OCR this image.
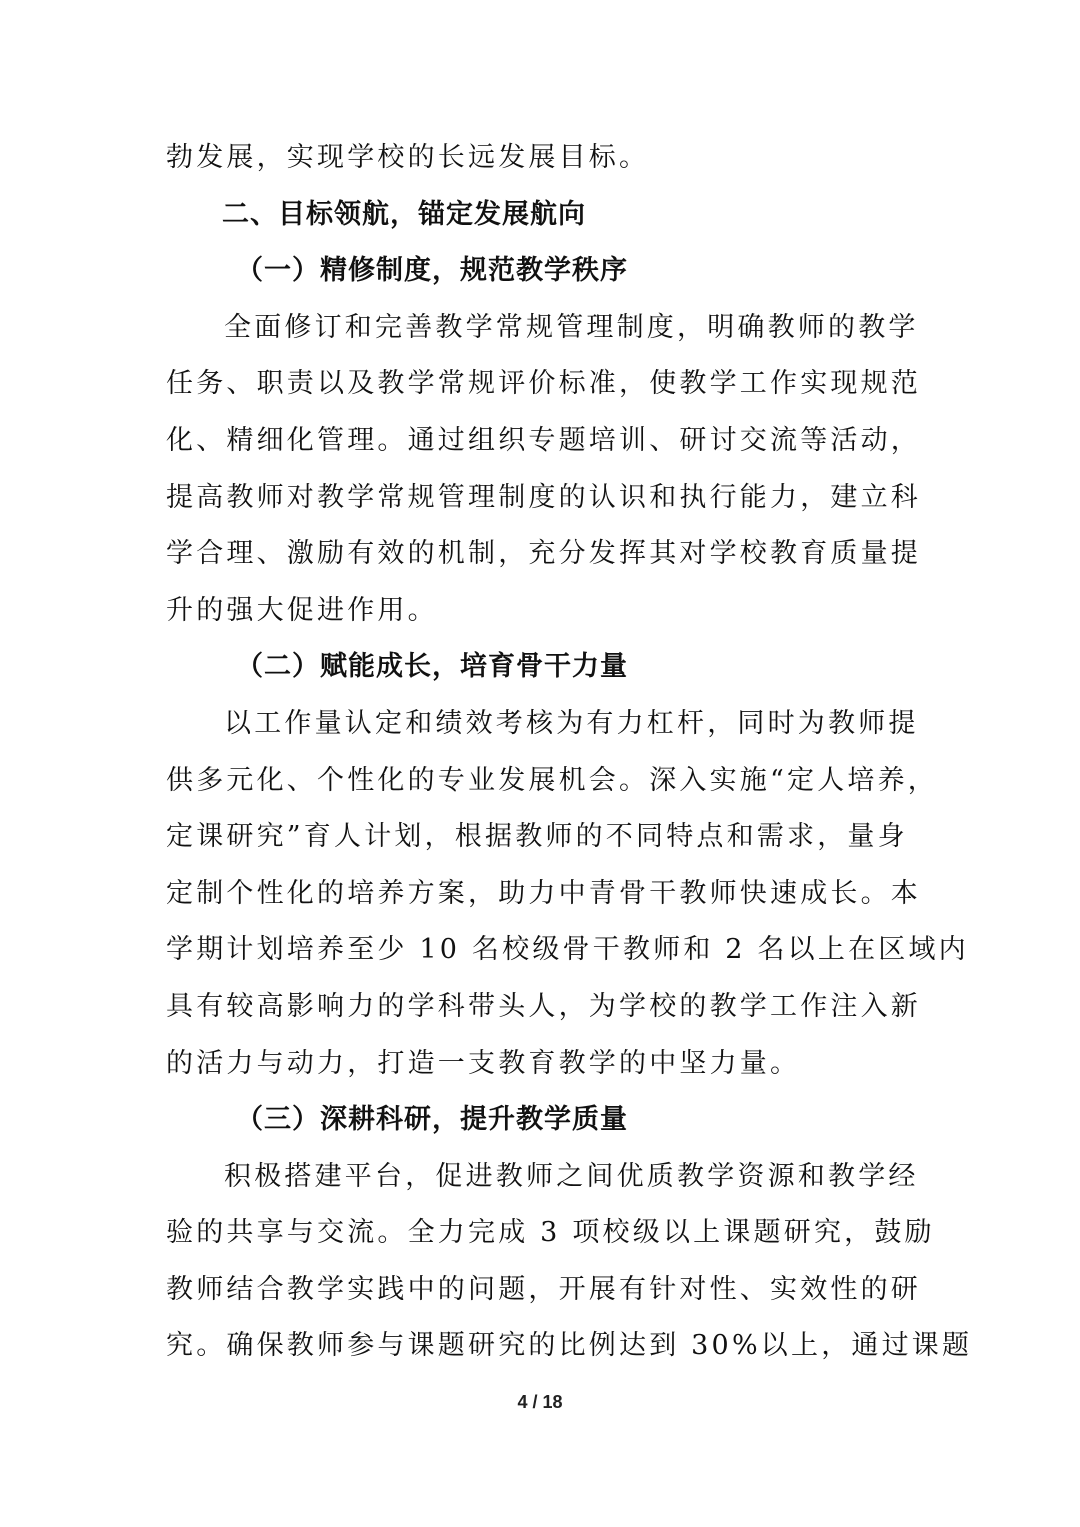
勃发展，实现学校的长远发展目标。
二、目标领航，锚定发展航向
（一）精修制度，规范教学秩序
全面修订和完善教学常规管理制度，明确教师的教学
任务、职责以及教学常规评价标准，使教学工作实现规范
化、精细化管理。通过组织专题培训、研讨交流等活动，
提高教师对教学常规管理制度的认识和执行能力，建立科
学合理、激励有效的机制，充分发挥其对学校教育质量提
升的强大促进作用。
（二）赋能成长，培育骨干力量
以工作量认定和绩效考核为有力杠杆，同时为教师提
供多元化、个性化的专业发展机会。深入实施“定人培养，
定课研究”育人计划，根据教师的不同特点和需求，量身
定制个性化的培养方案，助力中青骨干教师快速成长。本
学期计划培养至少 10 名校级骨干教师和 2 名以上在区域内
具有较高影响力的学科带头人，为学校的教学工作注入新
的活力与动力，打造一支教育教学的中坚力量。
（三）深耕科研，提升教学质量
积极搭建平台，促进教师之间优质教学资源和教学经
验的共享与交流。全力完成 3 项校级以上课题研究，鼓励
教师结合教学实践中的问题，开展有针对性、实效性的研
究。确保教师参与课题研究的比例达到 30%以上，通过课题
4 / 18
